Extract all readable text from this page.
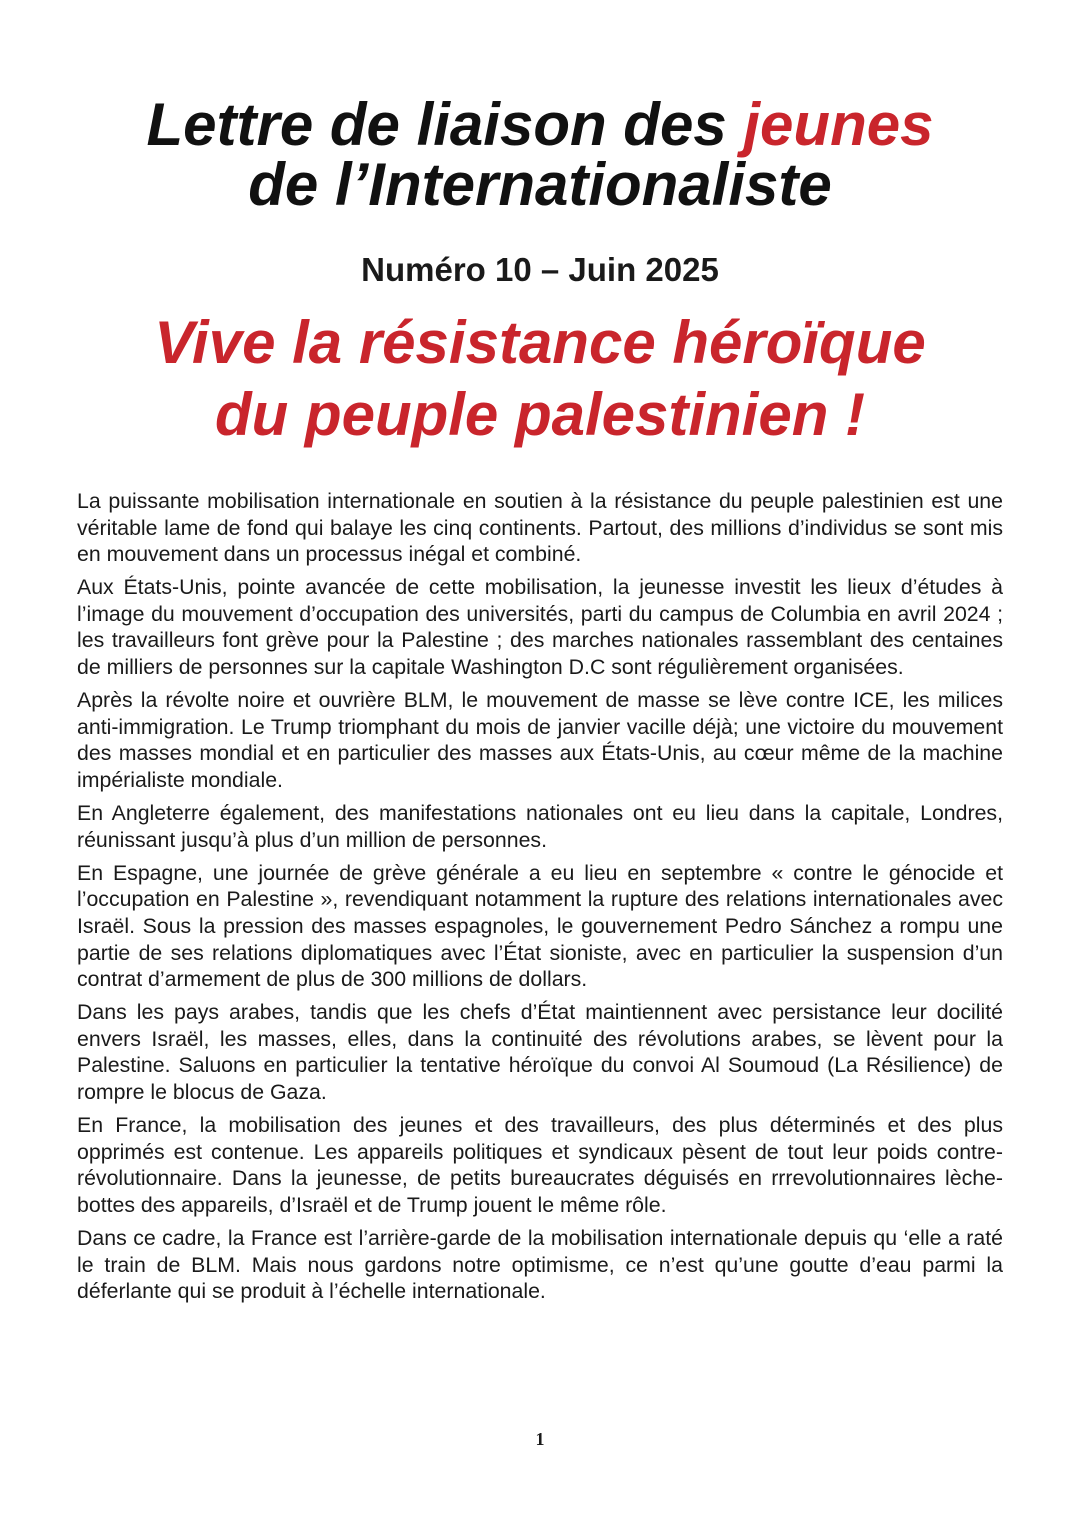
Lettre de liaison des jeunes
de l’Internationaliste
Numéro 10 – Juin 2025
Vive la résistance héroïque
du peuple palestinien !

La puissante mobilisation internationale en soutien à la résistance du peuple palestinien est une véritable lame de fond qui balaye les cinq continents. Partout, des millions d’individus se sont mis en mouvement dans un processus inégal et combiné.

Aux États-Unis, pointe avancée de cette mobilisation, la jeunesse investit les lieux d’études à l’image du mouvement d’occupation des universités, parti du campus de Columbia en avril 2024 ; les travailleurs font grève pour la Palestine ; des marches nationales rassemblant des centaines de milliers de personnes sur la capitale Washington D.C sont régulièrement organisées.

Après la révolte noire et ouvrière BLM, le mouvement de masse se lève contre ICE, les milices anti-immigration. Le Trump triomphant du mois de janvier vacille déjà; une victoire du mouvement des masses mondial et en particulier des masses aux États-Unis, au cœur même de la machine impérialiste mondiale.

En Angleterre également, des manifestations nationales ont eu lieu dans la capitale, Londres, réunissant jusqu’à plus d’un million de personnes.

En Espagne, une journée de grève générale a eu lieu en septembre « contre le génocide et l’occupation en Palestine », revendiquant notamment la rupture des relations internationales avec Israël. Sous la pression des masses espagnoles, le gouvernement Pedro Sánchez a rompu une partie de ses relations diplomatiques avec l’État sioniste, avec en particulier la suspension d’un contrat d’armement de plus de 300 millions de dollars.

Dans les pays arabes, tandis que les chefs d’État maintiennent avec persistance leur docilité envers Israël, les masses, elles, dans la continuité des révolutions arabes, se lèvent pour la Palestine. Saluons en particulier la tentative héroïque du convoi Al Soumoud (La Résilience) de rompre le blocus de Gaza.

En France, la mobilisation des jeunes et des travailleurs, des plus déterminés et des plus opprimés est contenue. Les appareils politiques et syndicaux pèsent de tout leur poids contre-révolutionnaire. Dans la jeunesse, de petits bureaucrates déguisés en rrrevolutionnaires lèche-bottes des appareils, d’Israël et de Trump jouent le même rôle.

Dans ce cadre, la France est l’arrière-garde de la mobilisation internationale depuis qu ‘elle a raté le train de BLM. Mais nous gardons notre optimisme, ce n’est qu’une goutte d’eau parmi la déferlante qui se produit à l’échelle internationale.

1
